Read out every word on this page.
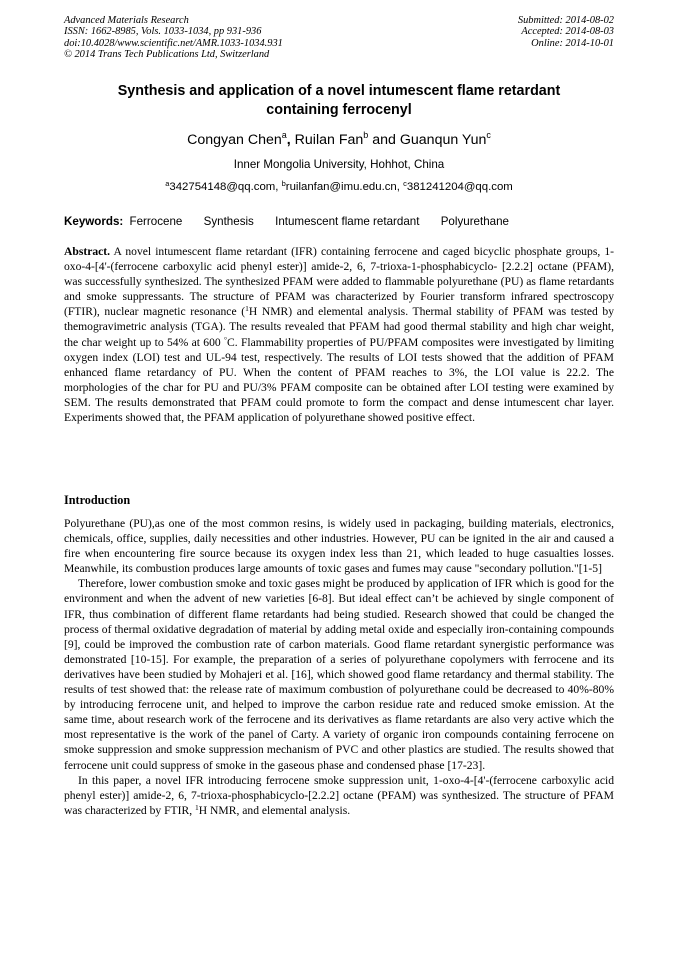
Advanced Materials Research
ISSN: 1662-8985, Vols. 1033-1034, pp 931-936
doi:10.4028/www.scientific.net/AMR.1033-1034.931
© 2014 Trans Tech Publications Ltd, Switzerland
Submitted: 2014-08-02
Accepted: 2014-08-03
Online: 2014-10-01
Synthesis and application of a novel intumescent flame retardant
containing ferrocenyl
Congyan Chen$^a$, Ruilan Fan$^b$ and Guanqun Yun$^c$
Inner Mongolia University, Hohhot, China
$^a$342754148@qq.com, $^b$ruilanfan@imu.edu.cn, $^c$381241204@qq.com
Keywords: Ferrocene Synthesis Intumescent flame retardant Polyurethane
Abstract. A novel intumescent flame retardant (IFR) containing ferrocene and caged bicyclic phosphate groups, 1-oxo-4-[4'-(ferrocene carboxylic acid phenyl ester)] amide-2, 6, 7-trioxa-1-phosphabicyclo- [2.2.2] octane (PFAM), was successfully synthesized. The synthesized PFAM were added to flammable polyurethane (PU) as flame retardants and smoke suppressants. The structure of PFAM was characterized by Fourier transform infrared spectroscopy (FTIR), nuclear magnetic resonance ($^1$H NMR) and elemental analysis. Thermal stability of PFAM was tested by themogravimetric analysis (TGA). The results revealed that PFAM had good thermal stability and high char weight, the char weight up to 54% at 600 °C. Flammability properties of PU/PFAM composites were investigated by limiting oxygen index (LOI) test and UL-94 test, respectively. The results of LOI tests showed that the addition of PFAM enhanced flame retardancy of PU. When the content of PFAM reaches to 3%, the LOI value is 22.2. The morphologies of the char for PU and PU/3% PFAM composite can be obtained after LOI testing were examined by SEM. The results demonstrated that PFAM could promote to form the compact and dense intumescent char layer. Experiments showed that, the PFAM application of polyurethane showed positive effect.
Introduction

Polyurethane (PU),as one of the most common resins, is widely used in packaging, building materials, electronics, chemicals, office, supplies, daily necessities and other industries. However, PU can be ignited in the air and caused a fire when encountering fire source because its oxygen index less than 21, which leaded to huge casualties losses. Meanwhile, its combustion produces large amounts of toxic gases and fumes may cause "secondary pollution."[1-5]

Therefore, lower combustion smoke and toxic gases might be produced by application of IFR which is good for the environment and when the advent of new varieties [6-8]. But ideal effect can’t be achieved by single component of IFR, thus combination of different flame retardants had being studied. Research showed that could be changed the process of thermal oxidative degradation of material by adding metal oxide and especially iron-containing compounds [9], could be improved the combustion rate of carbon materials. Good flame retardant synergistic performance was demonstrated [10-15]. For example, the preparation of a series of polyurethane copolymers with ferrocene and its derivatives have been studied by Mohajeri et al. [16], which showed good flame retardancy and thermal stability. The results of test showed that: the release rate of maximum combustion of polyurethane could be decreased to 40%-80% by introducing ferrocene unit, and helped to improve the carbon residue rate and reduced smoke emission. At the same time, about research work of the ferrocene and its derivatives as flame retardants are also very active which the most representative is the work of the panel of Carty. A variety of organic iron compounds containing ferrocene on smoke suppression and smoke suppression mechanism of PVC and other plastics are studied. The results showed that ferrocene unit could suppress of smoke in the gaseous phase and condensed phase [17-23].

In this paper, a novel IFR introducing ferrocene smoke suppression unit, 1-oxo-4-[4'-(ferrocene carboxylic acid phenyl ester)] amide-2, 6, 7-trioxa-phosphabicyclo-[2.2.2] octane (PFAM) was synthesized. The structure of PFAM was characterized by FTIR, $^1$H NMR, and elemental analysis.
